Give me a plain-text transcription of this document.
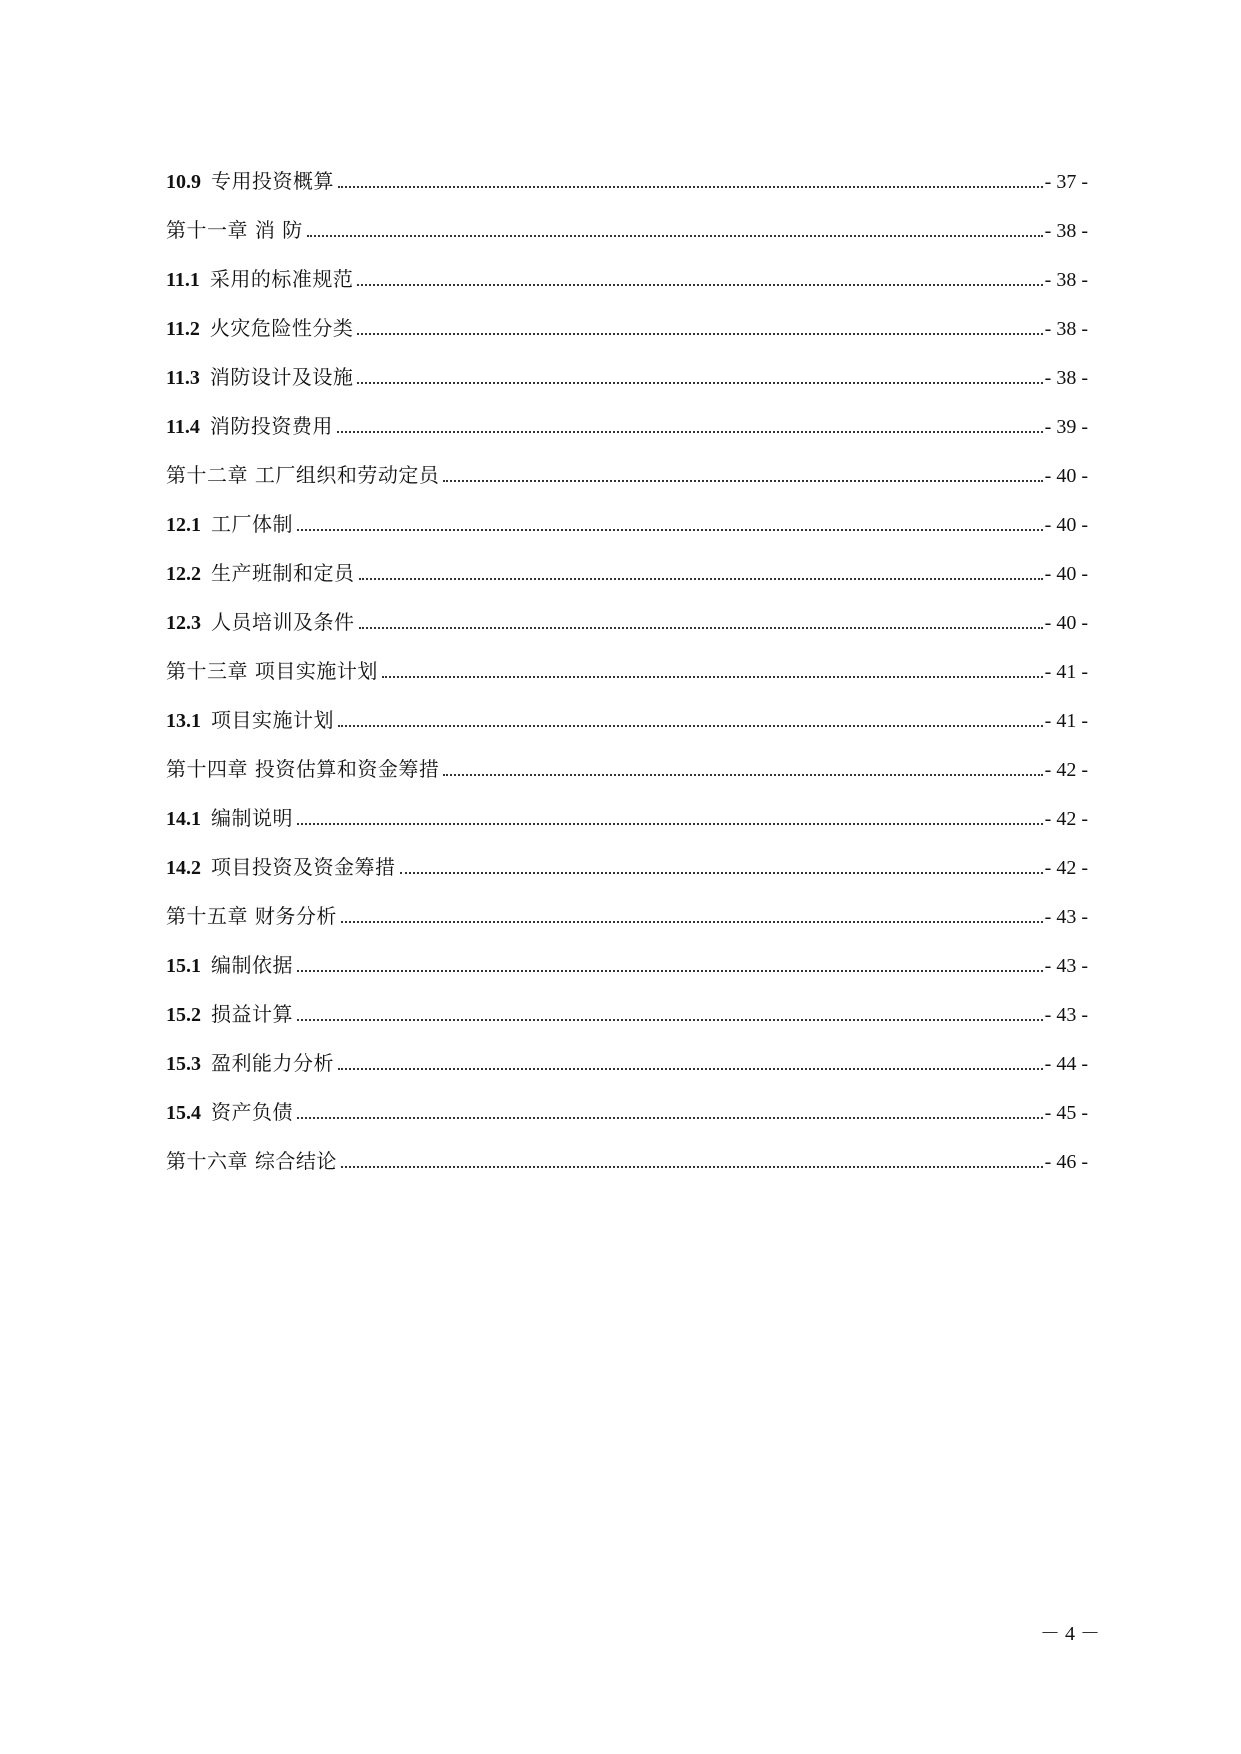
10.9 专用投资概算	- 37 -
第十一章 消 防	- 38 -
11.1 采用的标准规范	- 38 -
11.2 火灾危险性分类	- 38 -
11.3 消防设计及设施	- 38 -
11.4 消防投资费用	- 39 -
第十二章 工厂组织和劳动定员	- 40 -
12.1 工厂体制	- 40 -
12.2 生产班制和定员	- 40 -
12.3 人员培训及条件	- 40 -
第十三章 项目实施计划	- 41 -
13.1 项目实施计划	- 41 -
第十四章 投资估算和资金筹措	- 42 -
14.1 编制说明	- 42 -
14.2 项目投资及资金筹措	- 42 -
第十五章 财务分析	- 43 -
15.1 编制依据	- 43 -
15.2 损益计算	- 43 -
15.3 盈利能力分析	- 44 -
15.4 资产负债	- 45 -
第十六章 综合结论	- 46 -
－ 4 －
